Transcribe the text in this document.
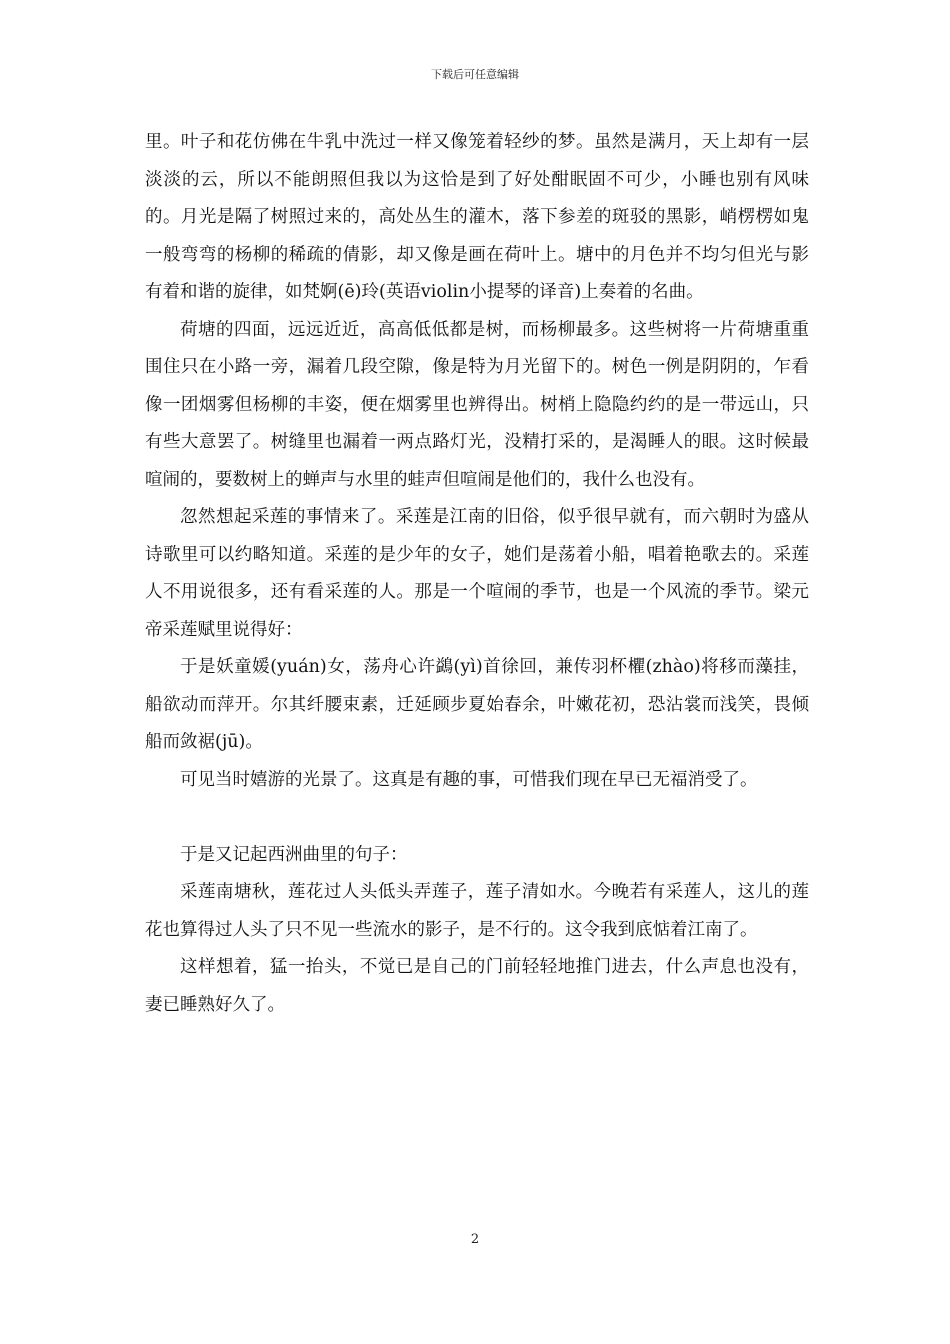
下载后可任意编辑

里。叶子和花仿佛在牛乳中洗过一样又像笼着轻纱的梦。虽然是满月，天上却有一层淡淡的云，所以不能朗照但我以为这恰是到了好处酣眠固不可少，小睡也别有风味的。月光是隔了树照过来的，高处丛生的灌木，落下参差的斑驳的黑影，峭楞楞如鬼一般弯弯的杨柳的稀疏的倩影，却又像是画在荷叶上。塘中的月色并不均匀但光与影有着和谐的旋律，如梵婀(ē)玲(英语violin小提琴的译音)上奏着的名曲。

荷塘的四面，远远近近，高高低低都是树，而杨柳最多。这些树将一片荷塘重重围住只在小路一旁，漏着几段空隙，像是特为月光留下的。树色一例是阴阴的，乍看像一团烟雾但杨柳的丰姿，便在烟雾里也辨得出。树梢上隐隐约约的是一带远山，只有些大意罢了。树缝里也漏着一两点路灯光，没精打采的，是渴睡人的眼。这时候最喧闹的，要数树上的蝉声与水里的蛙声但喧闹是他们的，我什么也没有。

忽然想起采莲的事情来了。采莲是江南的旧俗，似乎很早就有，而六朝时为盛从诗歌里可以约略知道。采莲的是少年的女子，她们是荡着小船，唱着艳歌去的。采莲人不用说很多，还有看采莲的人。那是一个喧闹的季节，也是一个风流的季节。梁元帝采莲赋里说得好：

于是妖童媛(yuán)女，荡舟心许鷁(yì)首徐回，兼传羽杯欋(zhào)将移而藻挂，船欲动而萍开。尔其纤腰束素，迁延顾步夏始春余，叶嫩花初，恐沾裳而浅笑，畏倾船而敛裾(jū)。

可见当时嬉游的光景了。这真是有趣的事，可惜我们现在早已无福消受了。

于是又记起西洲曲里的句子：

采莲南塘秋，莲花过人头低头弄莲子，莲子清如水。今晚若有采莲人，这儿的莲花也算得过人头了只不见一些流水的影子，是不行的。这令我到底惦着江南了。

这样想着，猛一抬头，不觉已是自己的门前轻轻地推门进去，什么声息也没有，妻已睡熟好久了。

2
